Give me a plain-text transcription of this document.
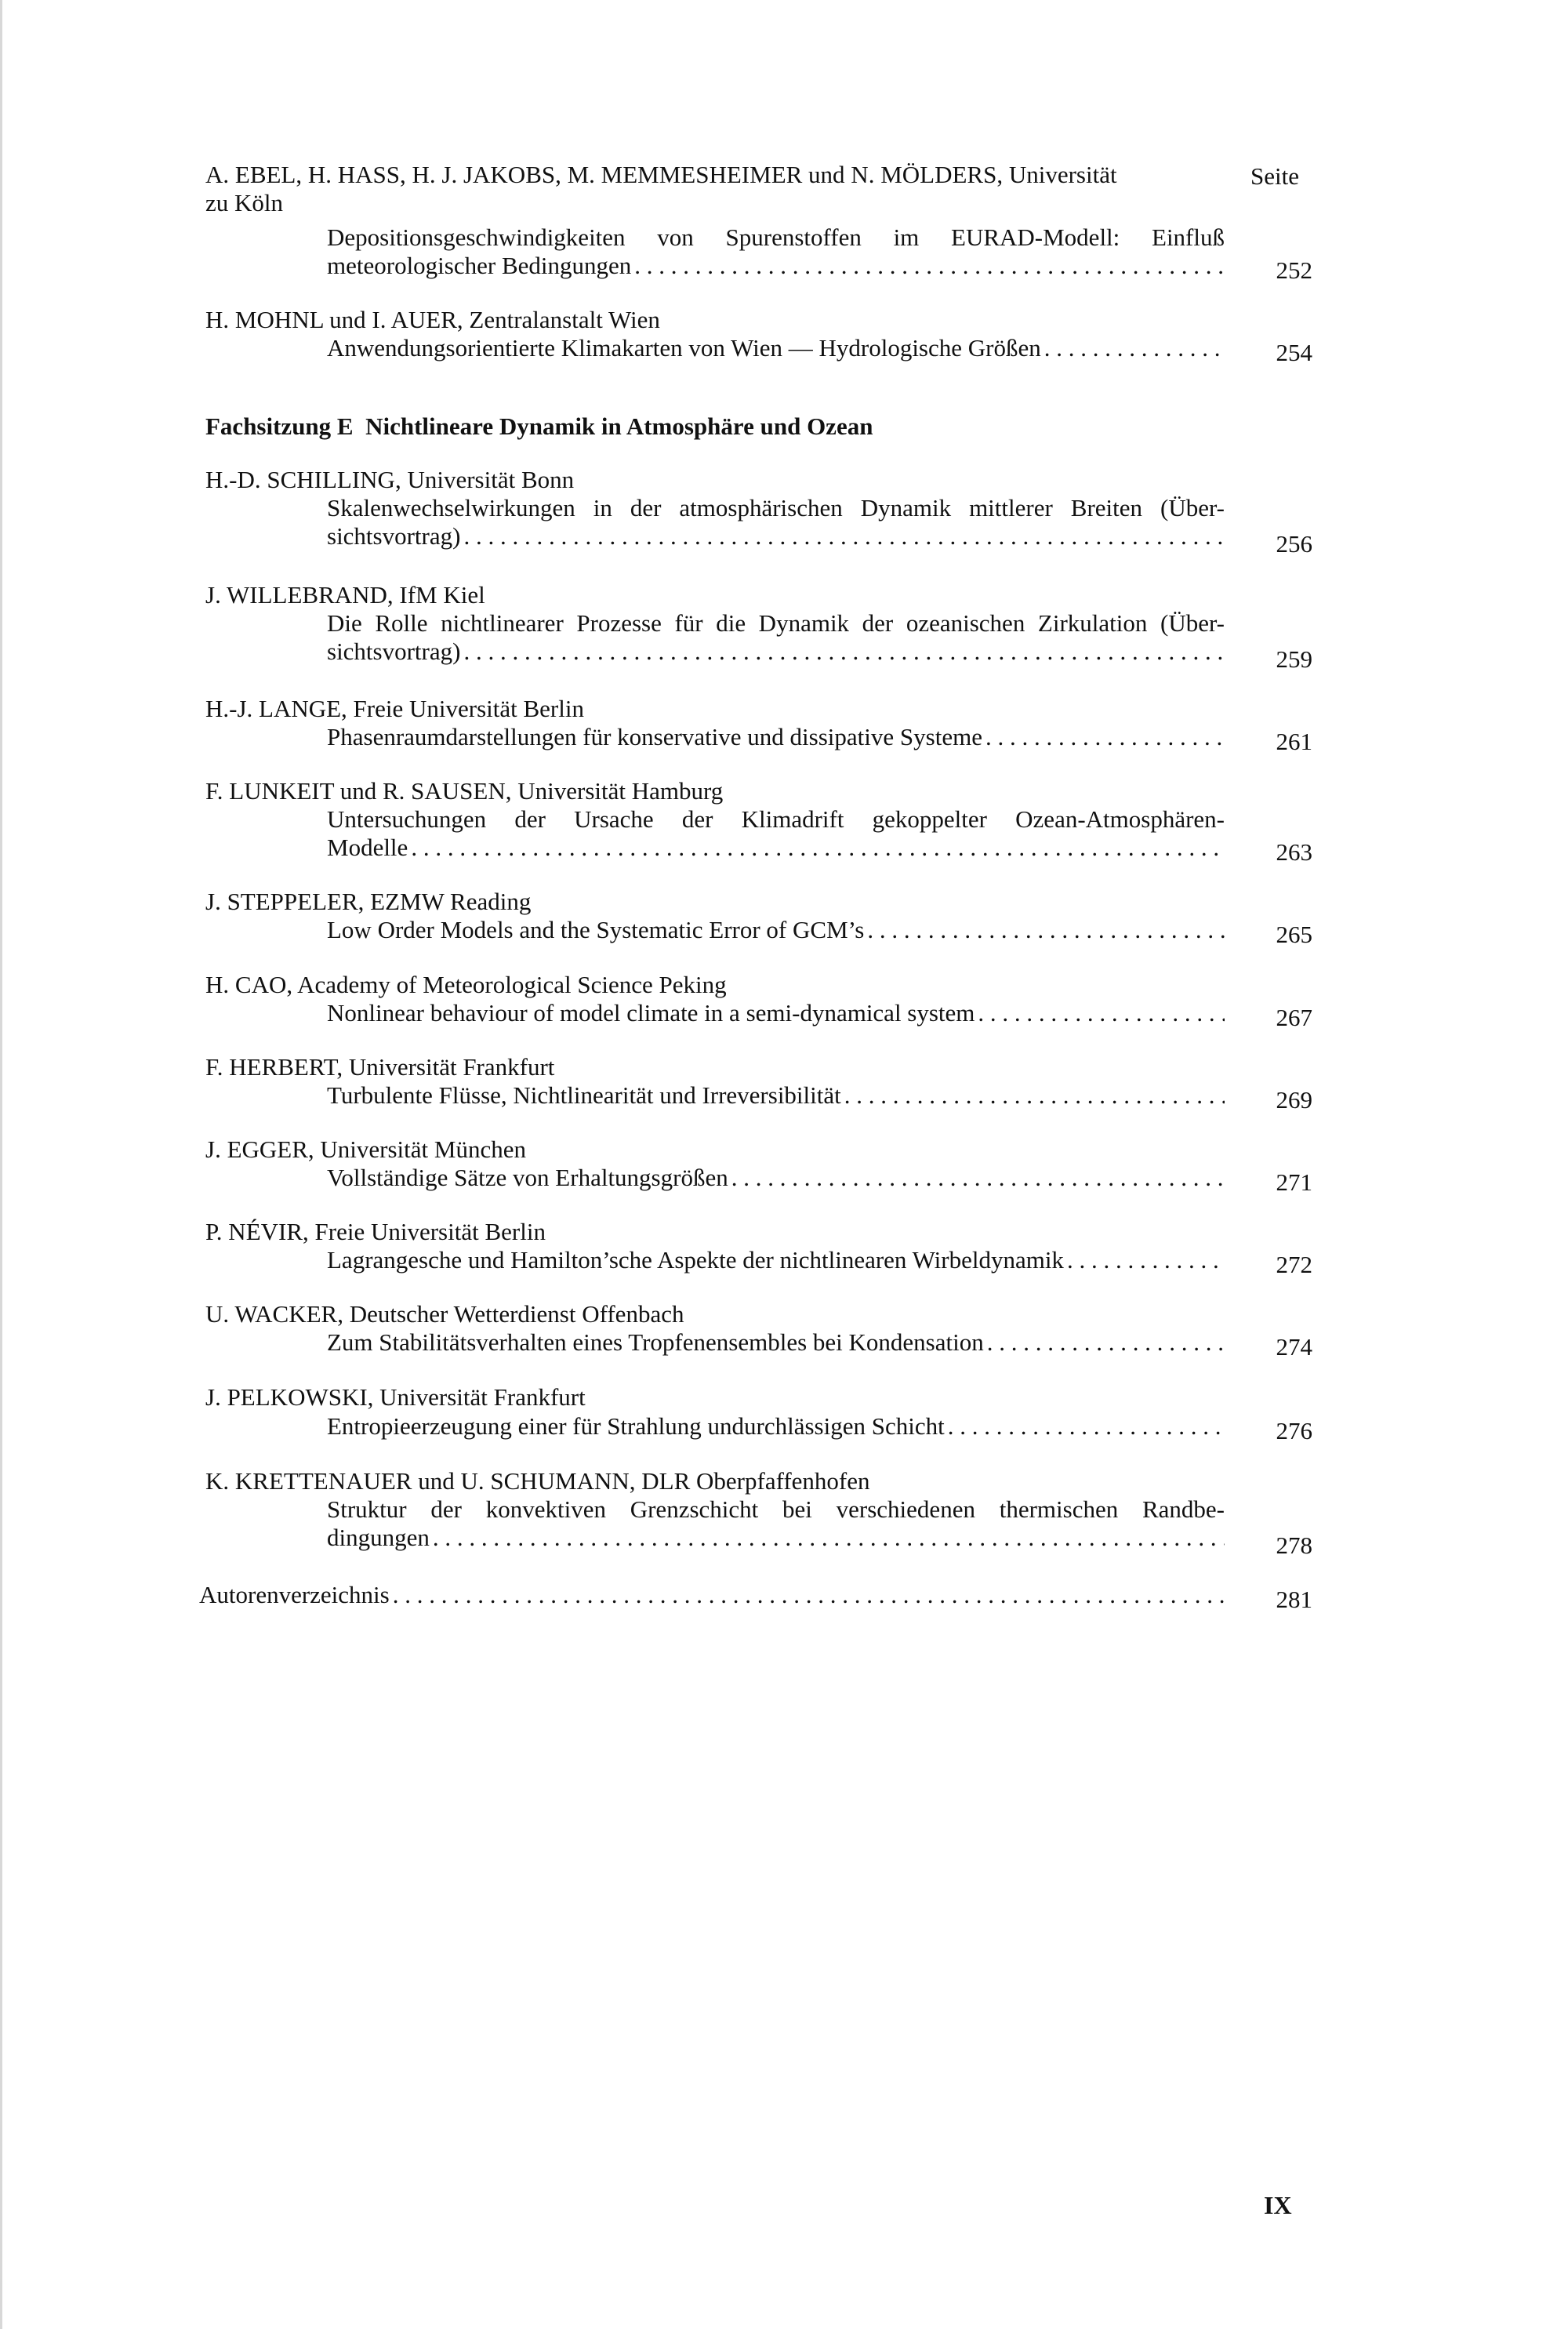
A. EBEL, H. HASS, H. J. JAKOBS, M. MEMMESHEIMER und N. MÖLDERS, Universität	Seite
zu Köln
Depositionsgeschwindigkeiten von Spurenstoffen im EURAD-Modell: Einfluß
meteorologischer Bedingungen . . .	252
H. MOHNL und I. AUER, Zentralanstalt Wien
Anwendungsorientierte Klimakarten von Wien — Hydrologische Größen . . .	254
Fachsitzung E Nichtlineare Dynamik in Atmosphäre und Ozean
H.-D. SCHILLING, Universität Bonn
Skalenwechselwirkungen in der atmosphärischen Dynamik mittlerer Breiten (Über-
sichtsvortrag) . . .	256
J. WILLEBRAND, IfM Kiel
Die Rolle nichtlinearer Prozesse für die Dynamik der ozeanischen Zirkulation (Über-
sichtsvortrag) . . .	259
H.-J. LANGE, Freie Universität Berlin
Phasenraumdarstellungen für konservative und dissipative Systeme . . .	261
F. LUNKEIT und R. SAUSEN, Universität Hamburg
Untersuchungen der Ursache der Klimadrift gekoppelter Ozean-Atmosphären-
Modelle . . .	263
J. STEPPELER, EZMW Reading
Low Order Models and the Systematic Error of GCM’s . . .	265
H. CAO, Academy of Meteorological Science Peking
Nonlinear behaviour of model climate in a semi-dynamical system . . .	267
F. HERBERT, Universität Frankfurt
Turbulente Flüsse, Nichtlinearität und Irreversibilität . . .	269
J. EGGER, Universität München
Vollständige Sätze von Erhaltungsgrößen . . .	271
P. NÉVIR, Freie Universität Berlin
Lagrangesche und Hamilton’sche Aspekte der nichtlinearen Wirbeldynamik . . .	272
U. WACKER, Deutscher Wetterdienst Offenbach
Zum Stabilitätsverhalten eines Tropfenensembles bei Kondensation . . .	274
J. PELKOWSKI, Universität Frankfurt
Entropieerzeugung einer für Strahlung undurchlässigen Schicht . . .	276
K. KRETTENAUER und U. SCHUMANN, DLR Oberpfaffenhofen
Struktur der konvektiven Grenzschicht bei verschiedenen thermischen Randbe-
dingungen . . .	278
Autorenverzeichnis . . .	281
IX
